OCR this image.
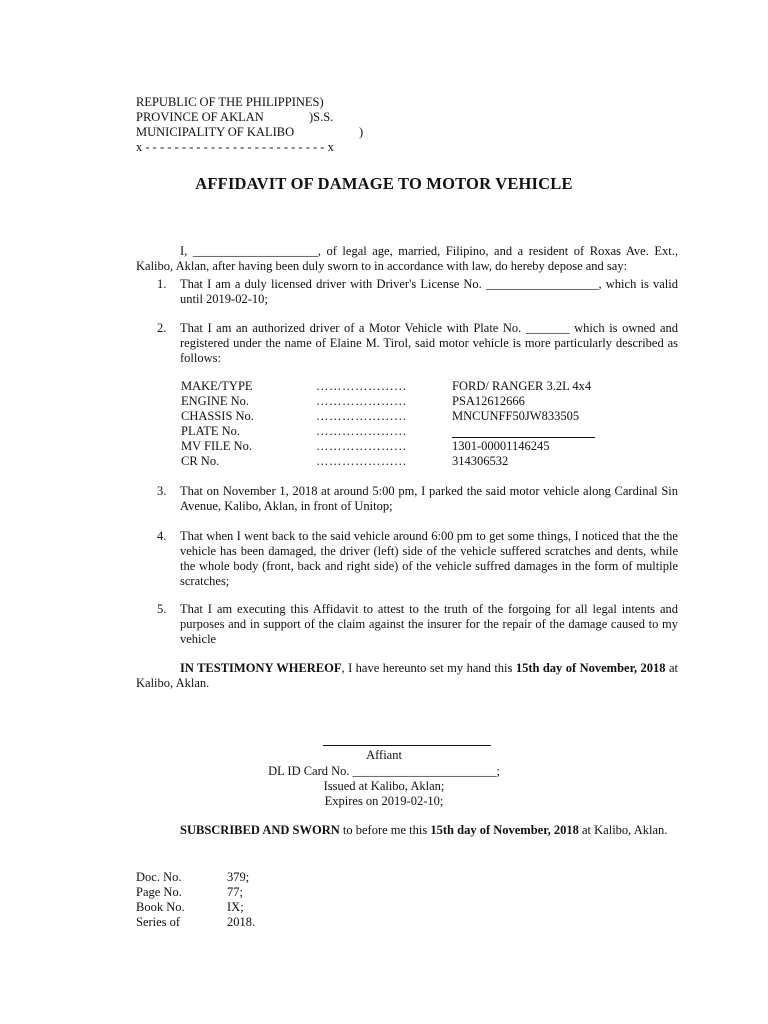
REPUBLIC OF THE PHILIPPINES)
PROVINCE OF AKLAN	)S.S.
MUNICIPALITY OF KALIBO	)
x - - - - - - - - - - - - - - - - - - - - - - - - - x
AFFIDAVIT OF DAMAGE TO MOTOR VEHICLE
I, ____________________, of legal age, married, Filipino, and a resident of Roxas Ave. Ext., Kalibo, Aklan, after having been duly sworn to in accordance with law, do hereby depose and say:
1. That I am a duly licensed driver with Driver's License No. __________________, which is valid until 2019-02-10;
2. That I am an authorized driver of a Motor Vehicle with Plate No. _______ which is owned and registered under the name of Elaine M. Tirol, said motor vehicle is more particularly described as follows:
MAKE/TYPE	…………………	FORD/ RANGER 3.2L 4x4
ENGINE No.	…………………	PSA12612666
CHASSIS No.	…………………	MNCUNFF50JW833505
PLATE No.	…………………
MV FILE No.	…………………	1301-00001146245
CR No.	…………………	314306532
3. That on November 1, 2018 at around 5:00 pm, I parked the said motor vehicle along Cardinal Sin Avenue, Kalibo, Aklan, in front of Unitop;
4. That when I went back to the said vehicle around 6:00 pm to get some things, I noticed that the the vehicle has been damaged, the driver (left) side of the vehicle suffered scratches and dents, while the whole body (front, back and right side) of the vehicle suffred damages in the form of multiple scratches;
5. That I am executing this Affidavit to attest to the truth of the forgoing for all legal intents and purposes and in support of the claim against the insurer for the repair of the damage caused to my vehicle
IN TESTIMONY WHEREOF, I have hereunto set my hand this 15th day of November, 2018 at Kalibo, Aklan.
Affiant
DL ID Card No. _______________________;
Issued at Kalibo, Aklan;
Expires on 2019-02-10;
SUBSCRIBED AND SWORN to before me this 15th day of November, 2018 at Kalibo, Aklan.
Doc. No.	379;
Page No.	77;
Book No.	IX;
Series of	2018.
